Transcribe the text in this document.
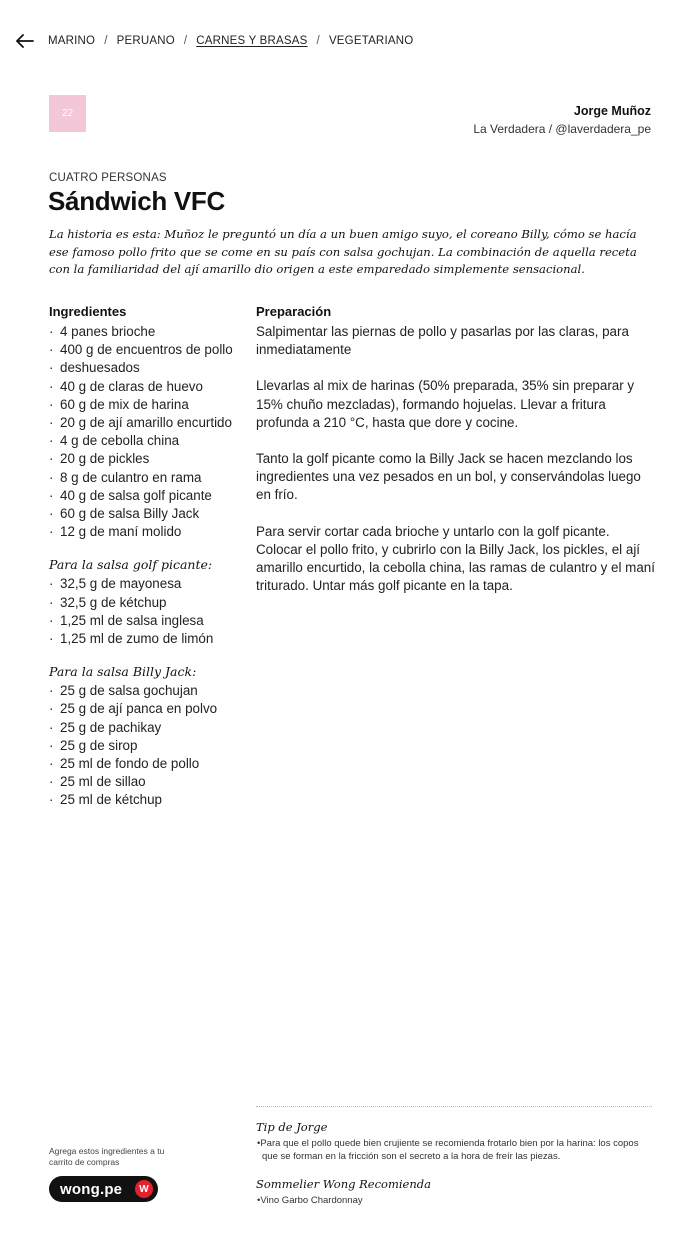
MARINO / PERUANO / CARNES Y BRASAS / VEGETARIANO
22	Jorge Muñoz
La Verdadera / @laverdadera_pe
CUATRO PERSONAS
Sándwich VFC

La historia es esta: Muñoz le preguntó un día a un buen amigo suyo, el coreano Billy, cómo se hacía ese famoso pollo frito que se come en su país con salsa gochujan. La combinación de aquella receta con la familiaridad del ají amarillo dio origen a este emparedado simplemente sensacional.

Ingredientes
· 4 panes brioche
· 400 g de encuentros de pollo
· deshuesados
· 40 g de claras de huevo
· 60 g de mix de harina
· 20 g de ají amarillo encurtido
· 4 g de cebolla china
· 20 g de pickles
· 8 g de culantro en rama
· 40 g de salsa golf picante
· 60 g de salsa Billy Jack
· 12 g de maní molido
Para la salsa golf picante:
· 32,5 g de mayonesa
· 32,5 g de kétchup
· 1,25 ml de salsa inglesa
· 1,25 ml de zumo de limón
Para la salsa Billy Jack:
· 25 g de salsa gochujan
· 25 g de ají panca en polvo
· 25 g de pachikay
· 25 g de sirop
· 25 ml de fondo de pollo
· 25 ml de sillao
· 25 ml de kétchup
Preparación

Salpimentar las piernas de pollo y pasarlas por las claras, para inmediatamente

Llevarlas al mix de harinas (50% preparada, 35% sin preparar y 15% chuño mezcladas), formando hojuelas. Llevar a fritura profunda a 210 °C, hasta que dore y cocine.

Tanto la golf picante como la Billy Jack se hacen mezclando los ingredientes una vez pesados en un bol, y conservándolas luego en frío.

Para servir cortar cada brioche y untarlo con la golf picante. Colocar el pollo frito, y cubrirlo con la Billy Jack, los pickles, el ají amarillo encurtido, la cebolla china, las ramas de culantro y el maní triturado. Untar más golf picante en la tapa.

Agrega estos ingredientes a tu carrito de compras
wong.pe	W
Tip de Jorge
•Para que el pollo quede bien crujiente se recomienda frotarlo bien por la harina: los copos que se forman en la fricción son el secreto a la hora de freír las piezas.
Sommelier Wong Recomienda
•Vino Garbo Chardonnay
